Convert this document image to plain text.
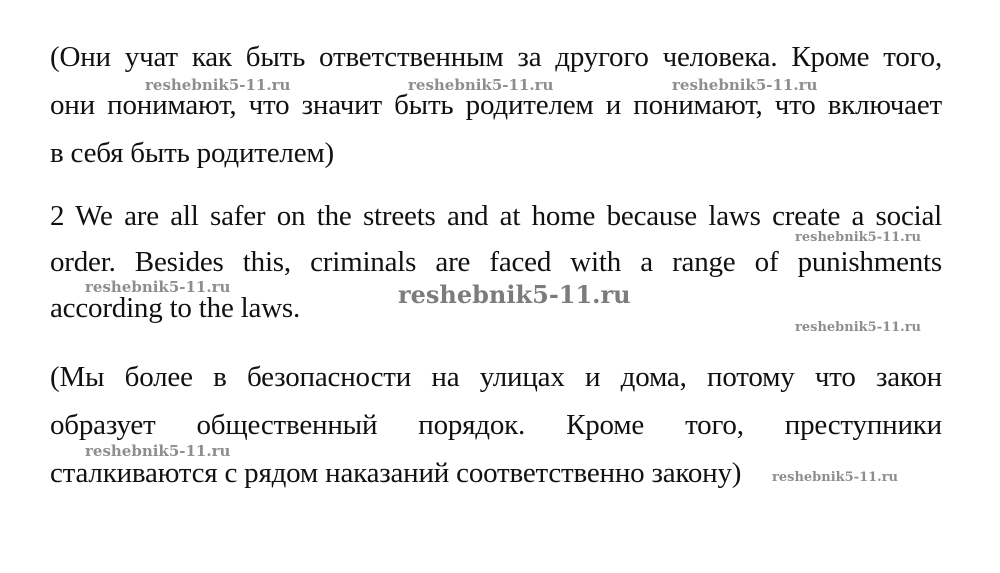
(Они учат как быть ответственным за другого человека. Кроме того,
они понимают, что значит быть родителем и понимают, что включает
в себя быть родителем)
2 We are all safer on the streets and at home because laws create a social
order. Besides this, criminals are faced with a range of punishments
according to the laws.
(Мы более в безопасности на улицах и дома, потому что закон
образует общественный порядок. Кроме того, преступники
сталкиваются с рядом наказаний соответственно закону)
reshebnik5-11.ru	reshebnik5-11.ru	reshebnik5-11.ru
reshebnik5-11.ru
reshebnik5-11.ru	reshebnik5-11.ru
reshebnik5-11.ru
reshebnik5-11.ru
reshebnik5-11.ru
